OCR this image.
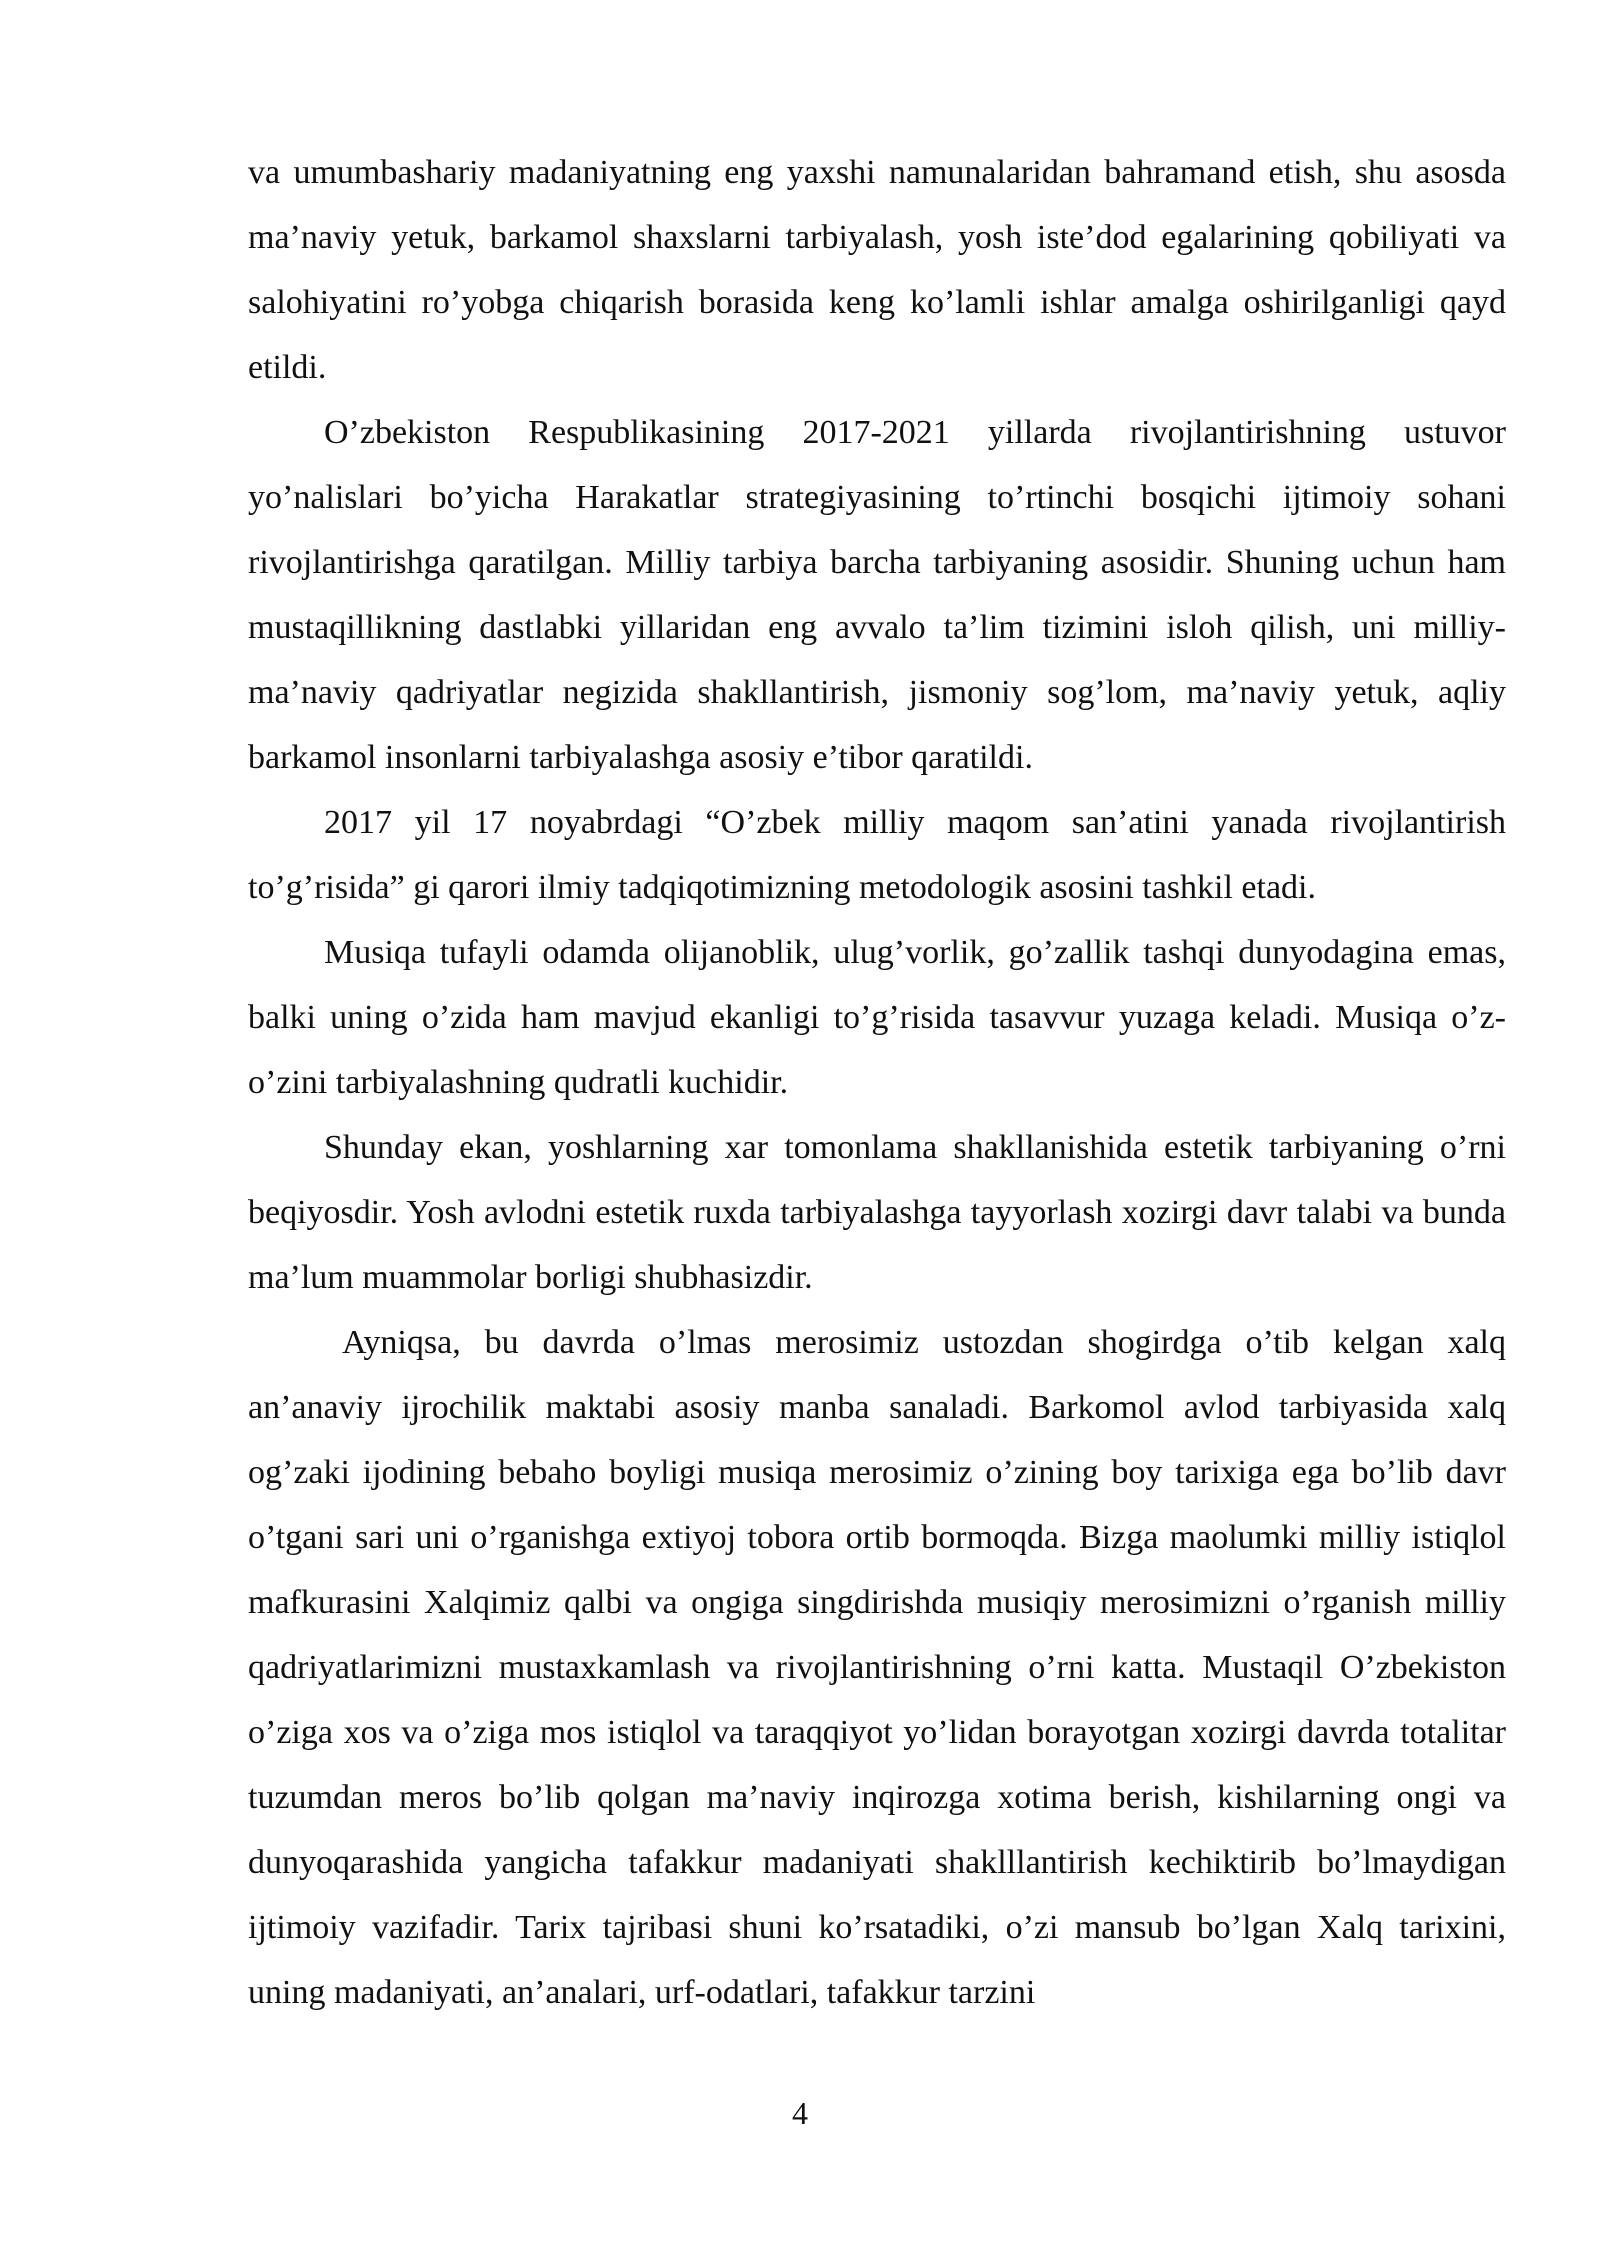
va umumbashariy madaniyatning eng yaxshi namunalaridan bahramand etish, shu asosda ma’naviy yetuk, barkamol shaxslarni tarbiyalash, yosh iste’dod egalarining qobiliyati va salohiyatini ro’yobga chiqarish borasida keng ko’lamli ishlar amalga oshirilganligi qayd etildi.

O’zbekiston Respublikasining 2017-2021 yillarda rivojlantirishning ustuvor yo’nalislari bo’yicha Harakatlar strategiyasining to’rtinchi bosqichi ijtimoiy sohani rivojlantirishga qaratilgan. Milliy tarbiya barcha tarbiyaning asosidir. Shuning uchun ham mustaqillikning dastlabki yillaridan eng avvalo ta’lim tizimini isloh qilish, uni milliy-ma’naviy qadriyatlar negizida shakllantirish, jismoniy sog’lom, ma’naviy yetuk, aqliy barkamol insonlarni tarbiyalashga asosiy e’tibor qaratildi.

2017 yil 17 noyabrdagi “O’zbek milliy maqom san’atini yanada rivojlantirish to’g’risida” gi qarori ilmiy tadqiqotimizning metodologik asosini tashkil etadi.

Musiqa tufayli odamda olijanoblik, ulug’vorlik, go’zallik tashqi dunyodagina emas, balki uning o’zida ham mavjud ekanligi to’g’risida tasavvur yuzaga keladi. Musiqa o’z-o’zini tarbiyalashning qudratli kuchidir.

Shunday ekan, yoshlarning xar tomonlama shakllanishida estetik tarbiyaning o’rni beqiyosdir. Yosh avlodni estetik ruxda tarbiyalashga tayyorlash xozirgi davr talabi va bunda ma’lum muammolar borligi shubhasizdir.

Ayniqsa, bu davrda o’lmas merosimiz ustozdan shogirdga o’tib kelgan xalq an’anaviy ijrochilik maktabi asosiy manba sanaladi. Barkomol avlod tarbiyasida xalq og’zaki ijodining bebaho boyligi musiqa merosimiz o’zining boy tarixiga ega bo’lib davr o’tgani sari uni o’rganishga extiyoj tobora ortib bormoqda. Bizga maolumki milliy istiqlol mafkurasini Xalqimiz qalbi va ongiga singdirishda musiqiy merosimizni o’rganish milliy qadriyatlarimizni mustaxkamlash va rivojlantirishning o’rni katta. Mustaqil O’zbekiston o’ziga xos va o’ziga mos istiqlol va taraqqiyot yo’lidan borayotgan xozirgi davrda totalitar tuzumdan meros bo’lib qolgan ma’naviy inqirozga xotima berish, kishilarning ongi va dunyoqarashida yangicha tafakkur madaniyati shaklllantirish kechiktirib bo’lmaydigan ijtimoiy vazifadir. Tarix tajribasi shuni ko’rsatadiki, o’zi mansub bo’lgan Xalq tarixini, uning madaniyati, an’analari, urf-odatlari, tafakkur tarzini

4
